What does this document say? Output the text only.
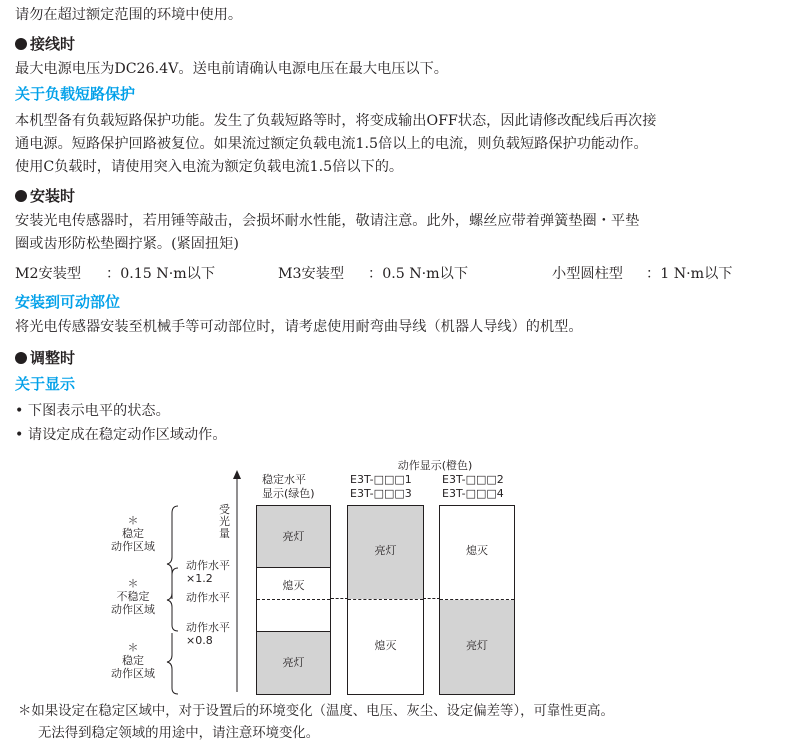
请勿在超过额定范围的环境中使用。
接线时
最大电源电压为DC26.4V。送电前请确认电源电压在最大电压以下。
关于负载短路保护
本机型备有负载短路保护功能。发生了负载短路等时，将变成输出OFF状态，因此请修改配线后再次接
通电源。短路保护回路被复位。如果流过额定负载电流1.5倍以上的电流，则负载短路保护功能动作。
使用C负载时，请使用突入电流为额定负载电流1.5倍以下的。
安装时
安装光电传感器时，若用锤等敲击，会损坏耐水性能，敬请注意。此外，螺丝应带着弹簧垫圈・平垫
圈或齿形防松垫圈拧紧。(紧固扭矩)
M2安装型 ：0.15 N·m以下	M3安装型 ：0.5 N·m以下	小型圆柱型 ：1 N·m以下
安装到可动部位
将光电传感器安装至机械手等可动部位时，请考虑使用耐弯曲导线（机器人导线）的机型。
调整时
关于显示
• 下图表示电平的状态。
• 请设定成在稳定动作区域动作。
动作显示(橙色)
稳定水平
显示(绿色)
E3T-□□□1
E3T-□□□3
E3T-□□□2
E3T-□□□4
受
光
量
＊
稳定
动作区域
＊
不稳定
动作区域
＊
稳定
动作区域
动作水平
×1.2
动作水平
动作水平
×0.8
亮灯
熄灭
亮灯
亮灯
熄灭
熄灭
亮灯
＊如果设定在稳定区域中，对于设置后的环境变化（温度、电压、灰尘、设定偏差等），可靠性更高。
无法得到稳定领域的用途中，请注意环境变化。
